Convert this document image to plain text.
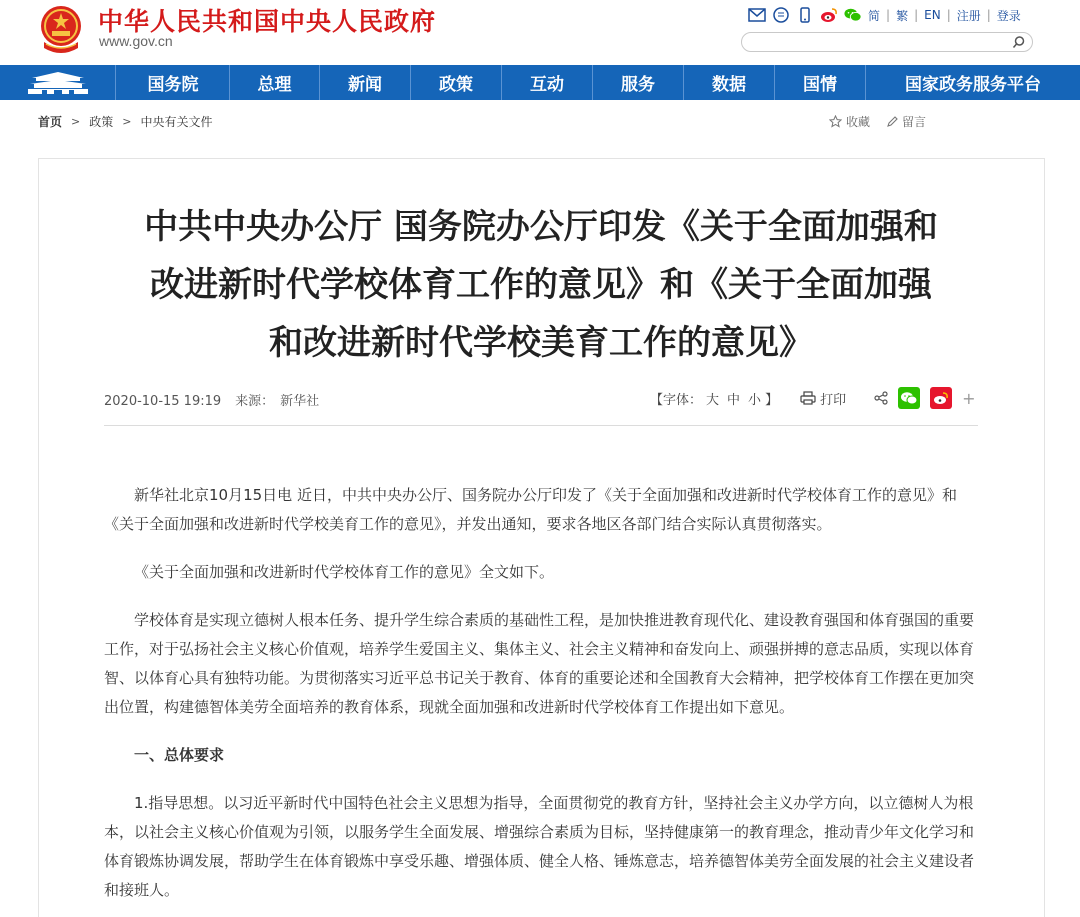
中华人民共和国中央人民政府
www.gov.cn
简 | 繁 | EN | 注册 | 登录
国务院	总理	新闻	政策	互动	服务	数据	国情	国家政务服务平台
首页 > 政策 > 中央有关文件	收藏	留言
中共中央办公厅 国务院办公厅印发《关于全面加强和
改进新时代学校体育工作的意见》和《关于全面加强
和改进新时代学校美育工作的意见》
2020-10-15 19:19 来源： 新华社	【字体： 大 中 小 】	打印	+

新华社北京10月15日电 近日，中共中央办公厅、国务院办公厅印发了《关于全面加强和改进新时代学校体育工作的意见》和《关于全面加强和改进新时代学校美育工作的意见》，并发出通知，要求各地区各部门结合实际认真贯彻落实。

《关于全面加强和改进新时代学校体育工作的意见》全文如下。

学校体育是实现立德树人根本任务、提升学生综合素质的基础性工程，是加快推进教育现代化、建设教育强国和体育强国的重要工作，对于弘扬社会主义核心价值观，培养学生爱国主义、集体主义、社会主义精神和奋发向上、顽强拼搏的意志品质，实现以体育智、以体育心具有独特功能。为贯彻落实习近平总书记关于教育、体育的重要论述和全国教育大会精神，把学校体育工作摆在更加突出位置，构建德智体美劳全面培养的教育体系，现就全面加强和改进新时代学校体育工作提出如下意见。

一、总体要求

1.指导思想。以习近平新时代中国特色社会主义思想为指导，全面贯彻党的教育方针，坚持社会主义办学方向，以立德树人为根本，以社会主义核心价值观为引领，以服务学生全面发展、增强综合素质为目标，坚持健康第一的教育理念，推动青少年文化学习和体育锻炼协调发展，帮助学生在体育锻炼中享受乐趣、增强体质、健全人格、锤炼意志，培养德智体美劳全面发展的社会主义建设者和接班人。
